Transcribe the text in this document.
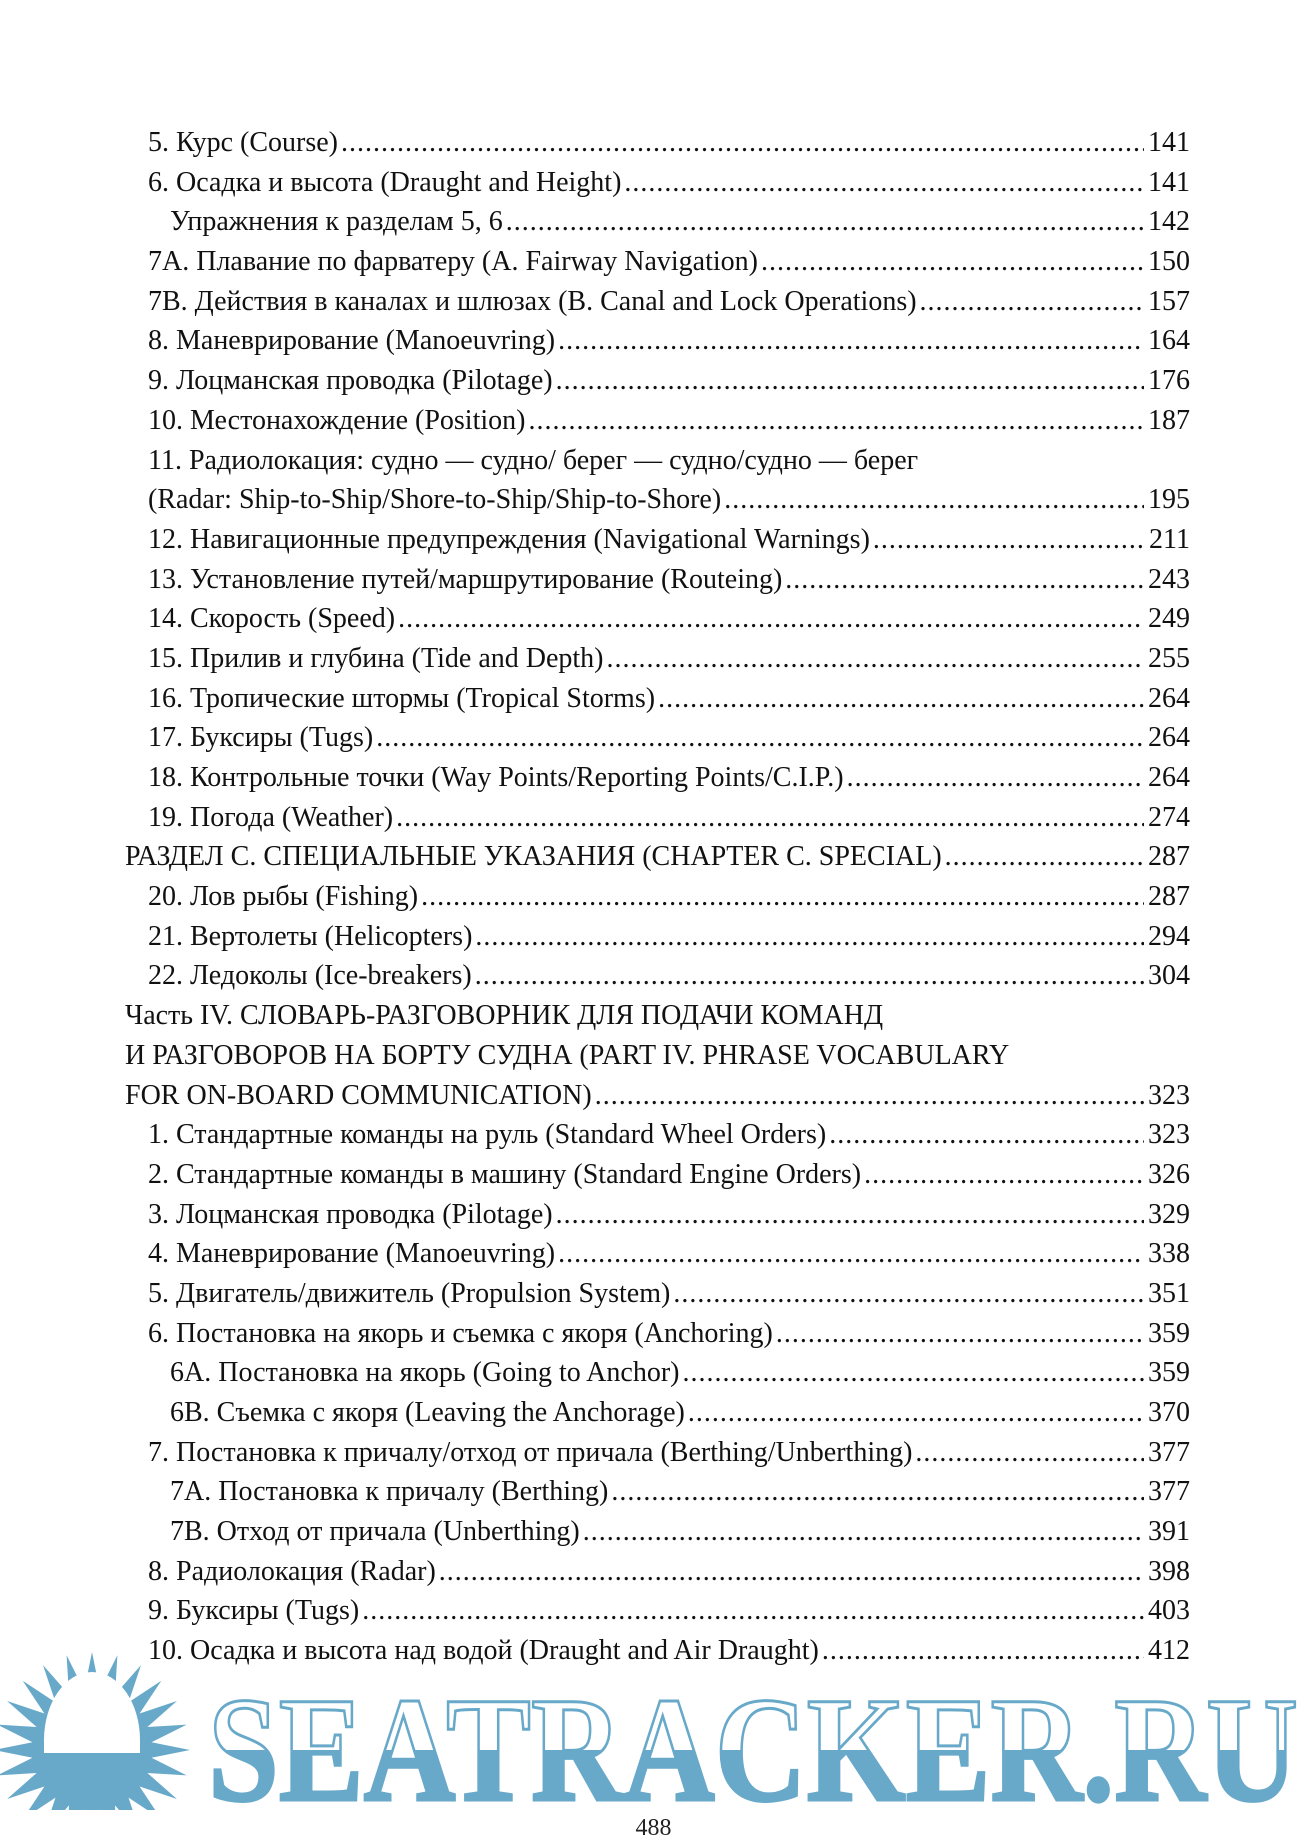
5. Курс (Course) .....	141
6. Осадка и высота (Draught and Height) .....	141
Упражнения к разделам 5, 6 .....	142
7А. Плавание по фарватеру (A. Fairway Navigation) .....	150
7В. Действия в каналах и шлюзах (B. Canal and Lock Operations) .....	157
8. Маневрирование (Manoeuvring) .....	164
9. Лоцманская проводка (Pilotage) .....	176
10. Местонахождение (Position) .....	187
11. Радиолокация: судно — судно/ берег — судно/судно — берег
(Radar: Ship-to-Ship/Shore-to-Ship/Ship-to-Shore) .....	195
12. Навигационные предупреждения (Navigational Warnings) .....	211
13. Установление путей/маршрутирование (Routeing) .....	243
14. Скорость (Speed) .....	249
15. Прилив и глубина (Tide and Depth) .....	255
16. Тропические штормы (Tropical Storms) .....	264
17. Буксиры (Tugs) .....	264
18. Контрольные точки (Way Points/Reporting Points/C.I.P.) .....	264
19. Погода (Weather) .....	274
РАЗДЕЛ С. СПЕЦИАЛЬНЫЕ УКАЗАНИЯ (CHAPTER C. SPECIAL) .....	287
20. Лов рыбы (Fishing) .....	287
21. Вертолеты (Helicopters) .....	294
22. Ледоколы (Ice-breakers) .....	304
Часть IV. СЛОВАРЬ-РАЗГОВОРНИК ДЛЯ ПОДАЧИ КОМАНД
И РАЗГОВОРОВ НА БОРТУ СУДНА (PART IV. PHRASE VOCABULARY
FOR ON-BOARD COMMUNICATION) .....	323
1. Стандартные команды на руль (Standard Wheel Orders) .....	323
2. Стандартные команды в машину (Standard Engine Orders) .....	326
3. Лоцманская проводка (Pilotage) .....	329
4. Маневрирование (Manoeuvring) .....	338
5. Двигатель/движитель (Propulsion System) .....	351
6. Постановка на якорь и съемка с якоря (Anchoring) .....	359
6А. Постановка на якорь (Going to Anchor) .....	359
6В. Съемка с якоря (Leaving the Anchorage) .....	370
7. Постановка к причалу/отход от причала (Berthing/Unberthing) .....	377
7А. Постановка к причалу (Berthing) .....	377
7В. Отход от причала (Unberthing) .....	391
8. Радиолокация (Radar) .....	398
9. Буксиры (Tugs) .....	403
10. Осадка и высота над водой (Draught and Air Draught) .....	412
SEATRACKER.RU
488
